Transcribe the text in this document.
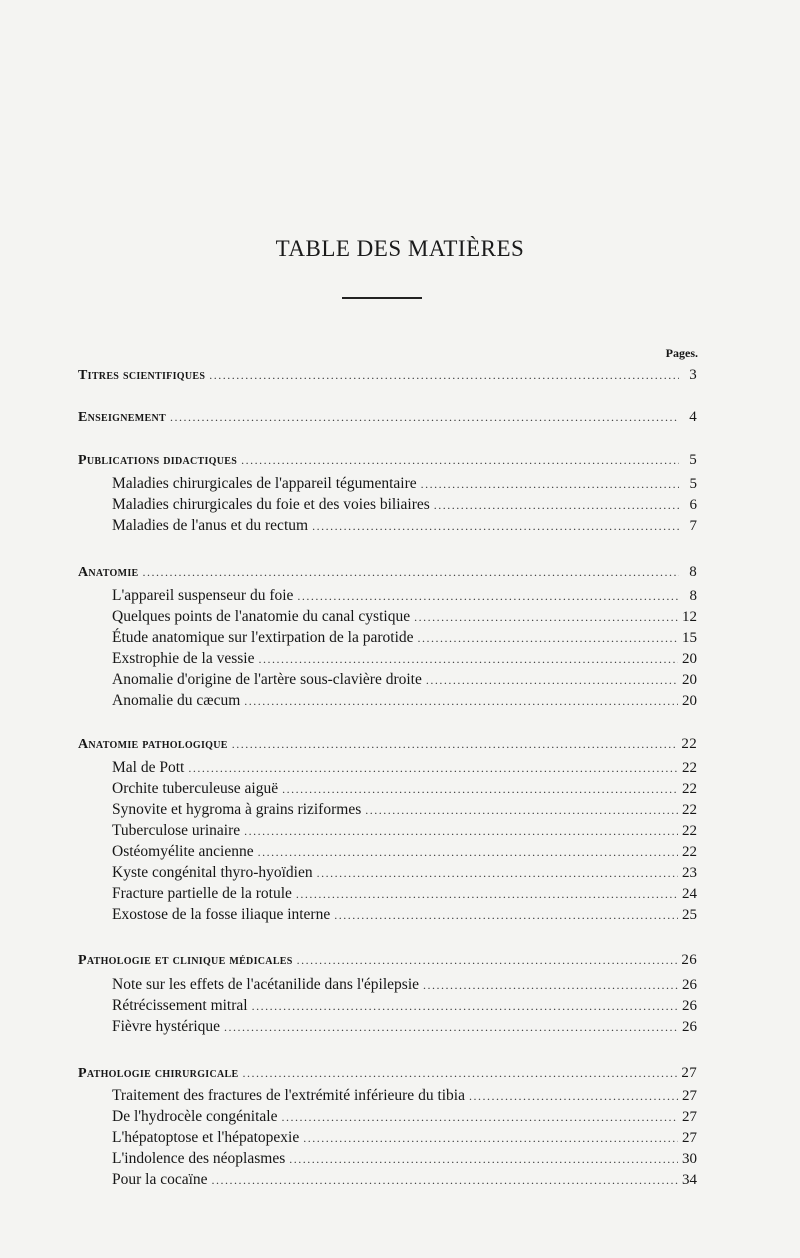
TABLE DES MATIÈRES
Pages.
Titres scientifiques .....	3
Enseignement .....	4
Publications didactiques .....	5
Maladies chirurgicales de l'appareil tégumentaire .....	5
Maladies chirurgicales du foie et des voies biliaires .....	6
Maladies de l'anus et du rectum .....	7
Anatomie .....	8
L'appareil suspenseur du foie .....	8
Quelques points de l'anatomie du canal cystique .....	12
Étude anatomique sur l'extirpation de la parotide .....	15
Exstrophie de la vessie .....	20
Anomalie d'origine de l'artère sous-clavière droite .....	20
Anomalie du cæcum .....	20
Anatomie pathologique .....	22
Mal de Pott .....	22
Orchite tuberculeuse aiguë .....	22
Synovite et hygroma à grains riziformes .....	22
Tuberculose urinaire .....	22
Ostéomyélite ancienne .....	22
Kyste congénital thyro-hyoïdien .....	23
Fracture partielle de la rotule .....	24
Exostose de la fosse iliaque interne .....	25
Pathologie et clinique médicales .....	26
Note sur les effets de l'acétanilide dans l'épilepsie .....	26
Rétrécissement mitral .....	26
Fièvre hystérique .....	26
Pathologie chirurgicale .....	27
Traitement des fractures de l'extrémité inférieure du tibia .....	27
De l'hydrocèle congénitale .....	27
L'hépatoptose et l'hépatopexie .....	27
L'indolence des néoplasmes .....	30
Pour la cocaïne .....	34
